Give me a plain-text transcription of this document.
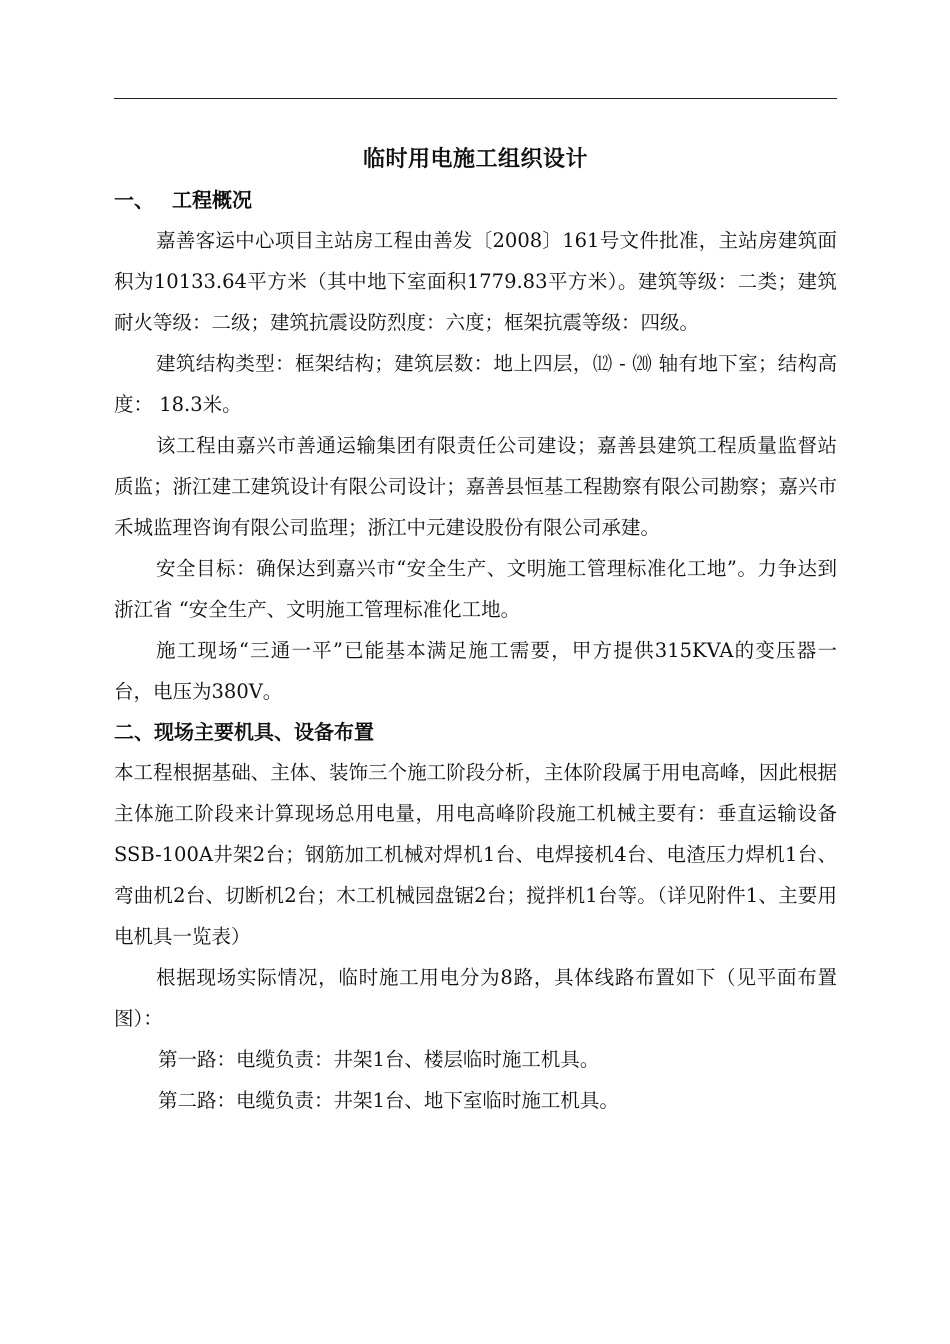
临时用电施工组织设计
一、 工程概况

嘉善客运中心项目主站房工程由善发〔2008〕161号文件批准，主站房建筑面积为10133.64平方米（其中地下室面积1779.83平方米）。建筑等级：二类；建筑耐火等级：二级；建筑抗震设防烈度：六度；框架抗震等级：四级。

建筑结构类型：框架结构；建筑层数：地上四层，⑿ - ⒇ 轴有地下室；结构高度： 18.3米。

该工程由嘉兴市善通运输集团有限责任公司建设；嘉善县建筑工程质量监督站质监；浙江建工建筑设计有限公司设计；嘉善县恒基工程勘察有限公司勘察；嘉兴市禾城监理咨询有限公司监理；浙江中元建设股份有限公司承建。

安全目标：确保达到嘉兴市“安全生产、文明施工管理标准化工地”。力争达到浙江省 “安全生产、文明施工管理标准化工地。

施工现场“三通一平”已能基本满足施工需要，甲方提供315KVA的变压器一台，电压为380V。

二、现场主要机具、设备布置

本工程根据基础、主体、装饰三个施工阶段分析，主体阶段属于用电高峰，因此根据主体施工阶段来计算现场总用电量，用电高峰阶段施工机械主要有：垂直运输设备SSB-100A井架2台；钢筋加工机械对焊机1台、电焊接机4台、电渣压力焊机1台、弯曲机2台、切断机2台；木工机械园盘锯2台；搅拌机1台等。（详见附件1、主要用电机具一览表）

根据现场实际情况，临时施工用电分为8路，具体线路布置如下（见平面布置图）：

第一路：电缆负责：井架1台、楼层临时施工机具。

第二路：电缆负责：井架1台、地下室临时施工机具。
